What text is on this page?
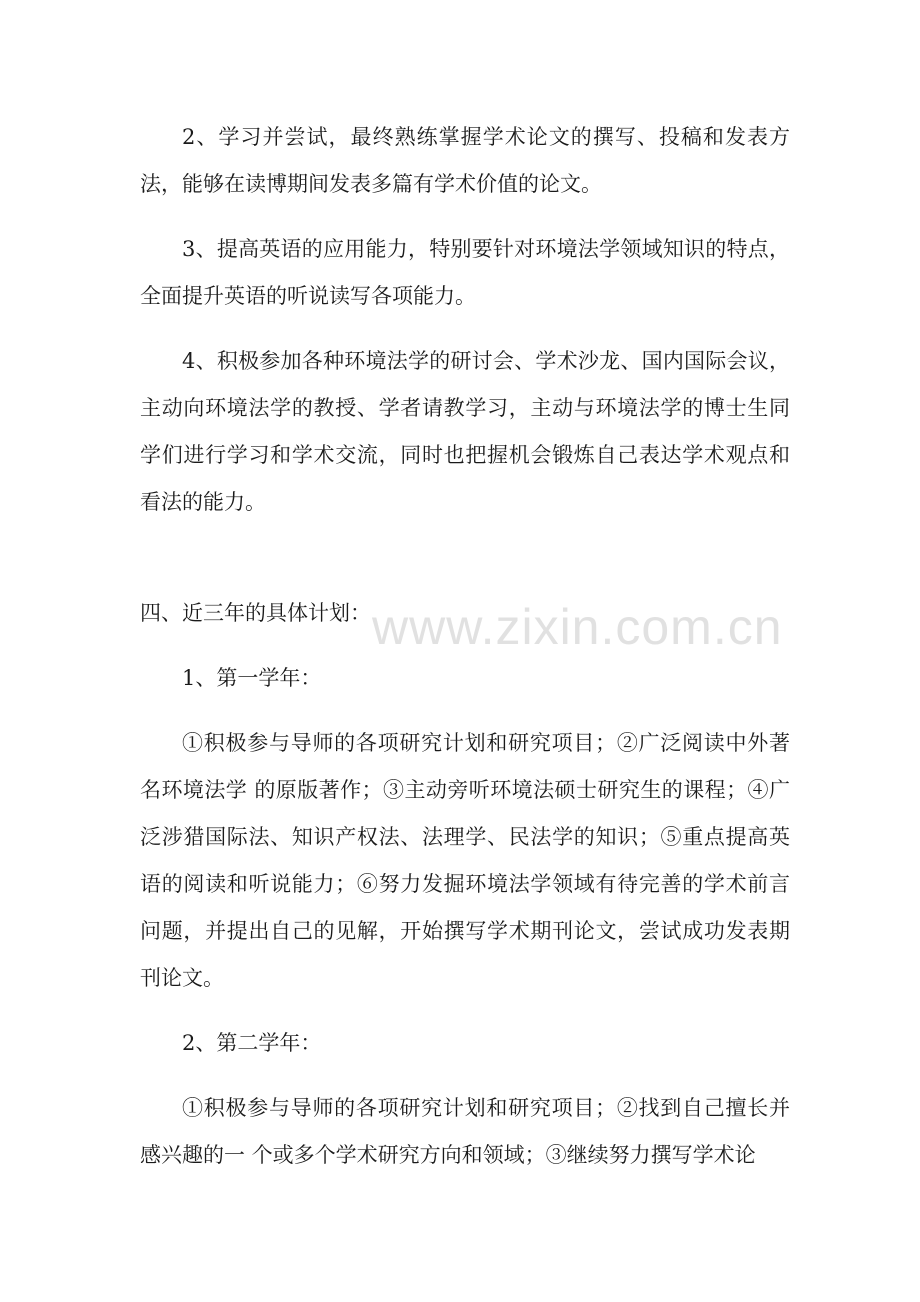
2、学习并尝试，最终熟练掌握学术论文的撰写、投稿和发表方法，能够在读博期间发表多篇有学术价值的论文。

3、提高英语的应用能力，特别要针对环境法学领域知识的特点，全面提升英语的听说读写各项能力。

4、积极参加各种环境法学的研讨会、学术沙龙、国内国际会议，主动向环境法学的教授、学者请教学习，主动与环境法学的博士生同学们进行学习和学术交流，同时也把握机会锻炼自己表达学术观点和看法的能力。

四、近三年的具体计划：

1、第一学年：

①积极参与导师的各项研究计划和研究项目；②广泛阅读中外著名环境法学 的原版著作；③主动旁听环境法硕士研究生的课程；④广泛涉猎国际法、知识产权法、法理学、民法学的知识；⑤重点提高英语的阅读和听说能力；⑥努力发掘环境法学领域有待完善的学术前言问题，并提出自己的见解，开始撰写学术期刊论文，尝试成功发表期刊论文。

2、第二学年：

①积极参与导师的各项研究计划和研究项目；②找到自己擅长并感兴趣的一 个或多个学术研究方向和领域；③继续努力撰写学术论

www.zixin.com.cn
